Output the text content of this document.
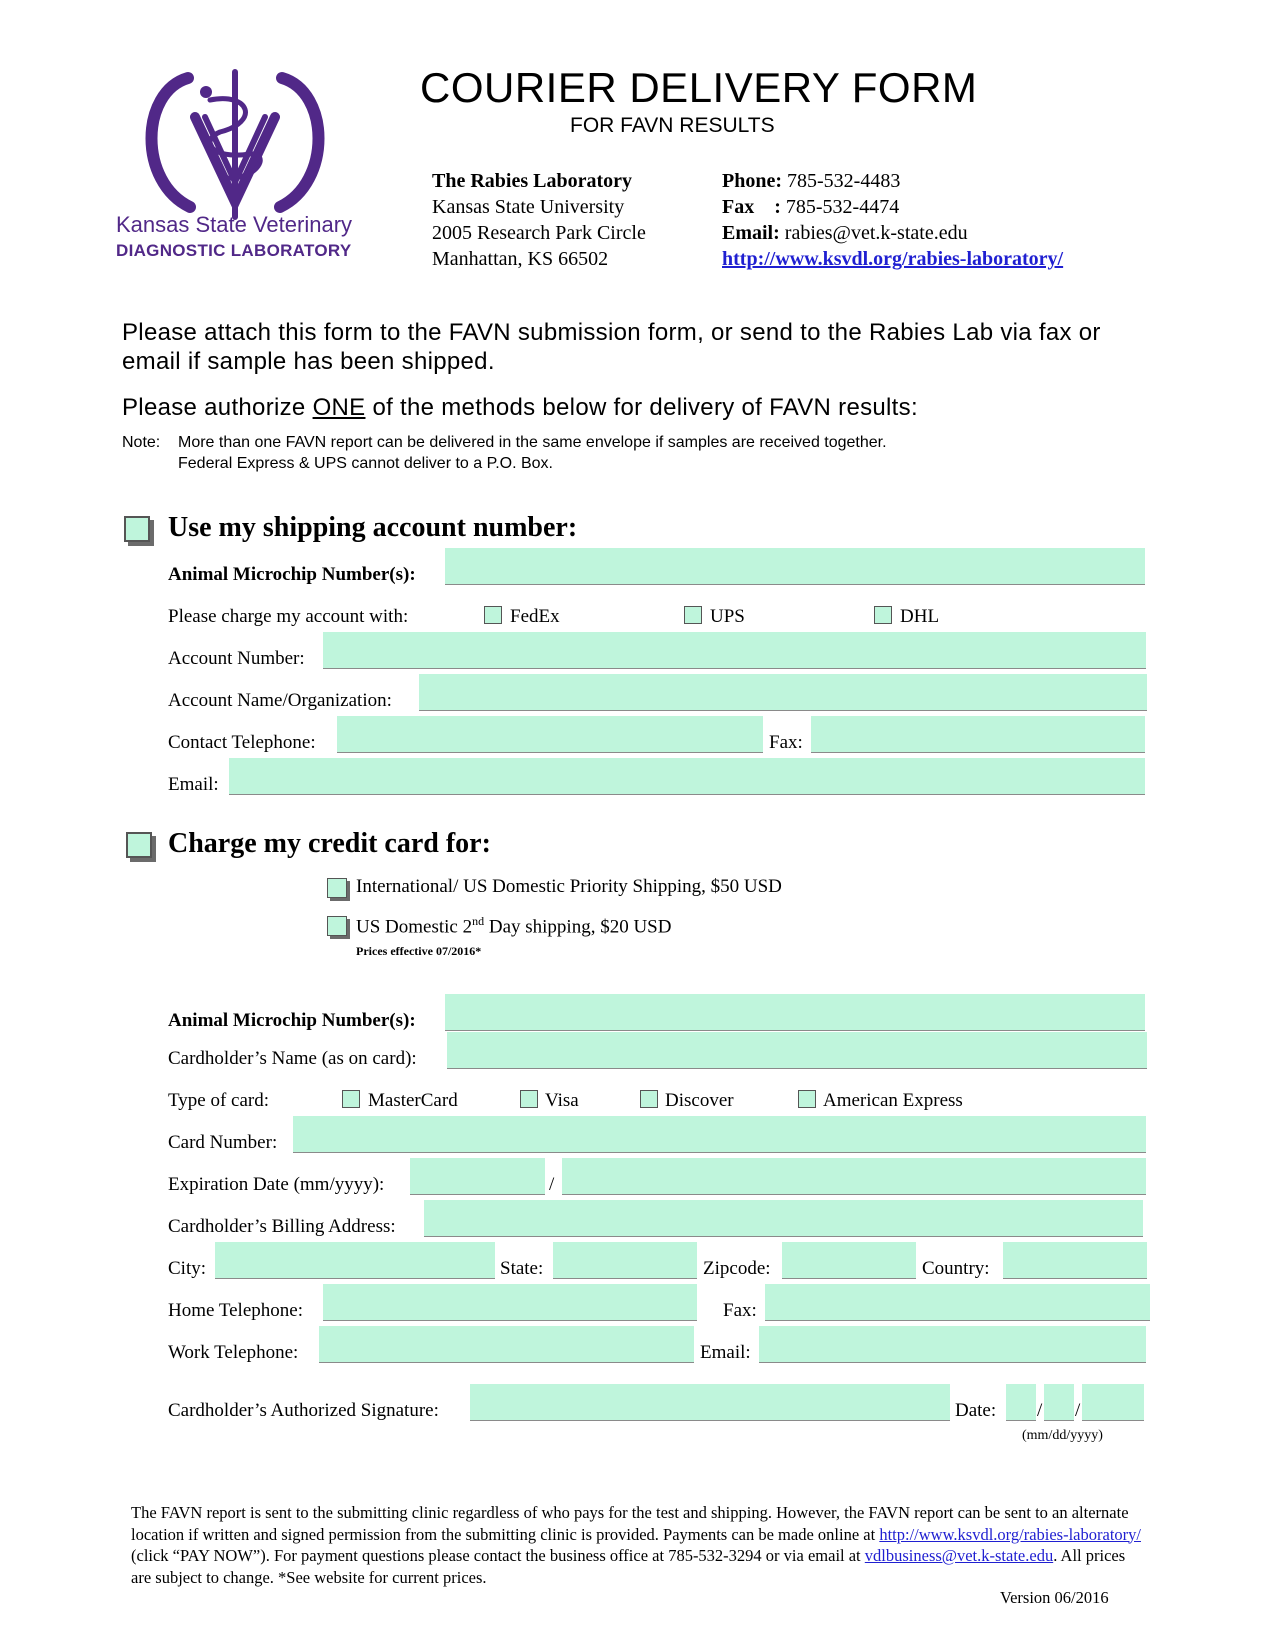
Kansas State Veterinary
DIAGNOSTIC LABORATORY
COURIER DELIVERY FORM
FOR FAVN RESULTS
The Rabies Laboratory
Kansas State University
2005 Research Park Circle
Manhattan, KS 66502
Phone: 785-532-4483
Fax    : 785-532-4474
Email: rabies@vet.k-state.edu
http://www.ksvdl.org/rabies-laboratory/
Please attach this form to the FAVN submission form, or send to the Rabies Lab via fax or email if sample has been shipped.
Please authorize ONE of the methods below for delivery of FAVN results:
Note: More than one FAVN report can be delivered in the same envelope if samples are received together.
Federal Express & UPS cannot deliver to a P.O. Box.
Use my shipping account number:
Animal Microchip Number(s):
Please charge my account with:	FedEx	UPS	DHL
Account Number:
Account Name/Organization:
Contact Telephone:	Fax:
Email:
Charge my credit card for:
International/ US Domestic Priority Shipping, $50 USD
US Domestic 2nd Day shipping, $20 USD
Prices effective 07/2016*
Animal Microchip Number(s):
Cardholder’s Name (as on card):
Type of card:	MasterCard	Visa	Discover	American Express
Card Number:
Expiration Date (mm/yyyy):	/
Cardholder’s Billing Address:
City:	State:	Zipcode:	Country:
Home Telephone:	Fax:
Work Telephone:	Email:
Cardholder’s Authorized Signature:	Date: / /
(mm/dd/yyyy)
The FAVN report is sent to the submitting clinic regardless of who pays for the test and shipping. However, the FAVN report can be sent to an alternate location if written and signed permission from the submitting clinic is provided. Payments can be made online at http://www.ksvdl.org/rabies-laboratory/ (click “PAY NOW”). For payment questions please contact the business office at 785-532-3294 or via email at vdlbusiness@vet.k-state.edu. All prices are subject to change. *See website for current prices.
Version 06/2016
